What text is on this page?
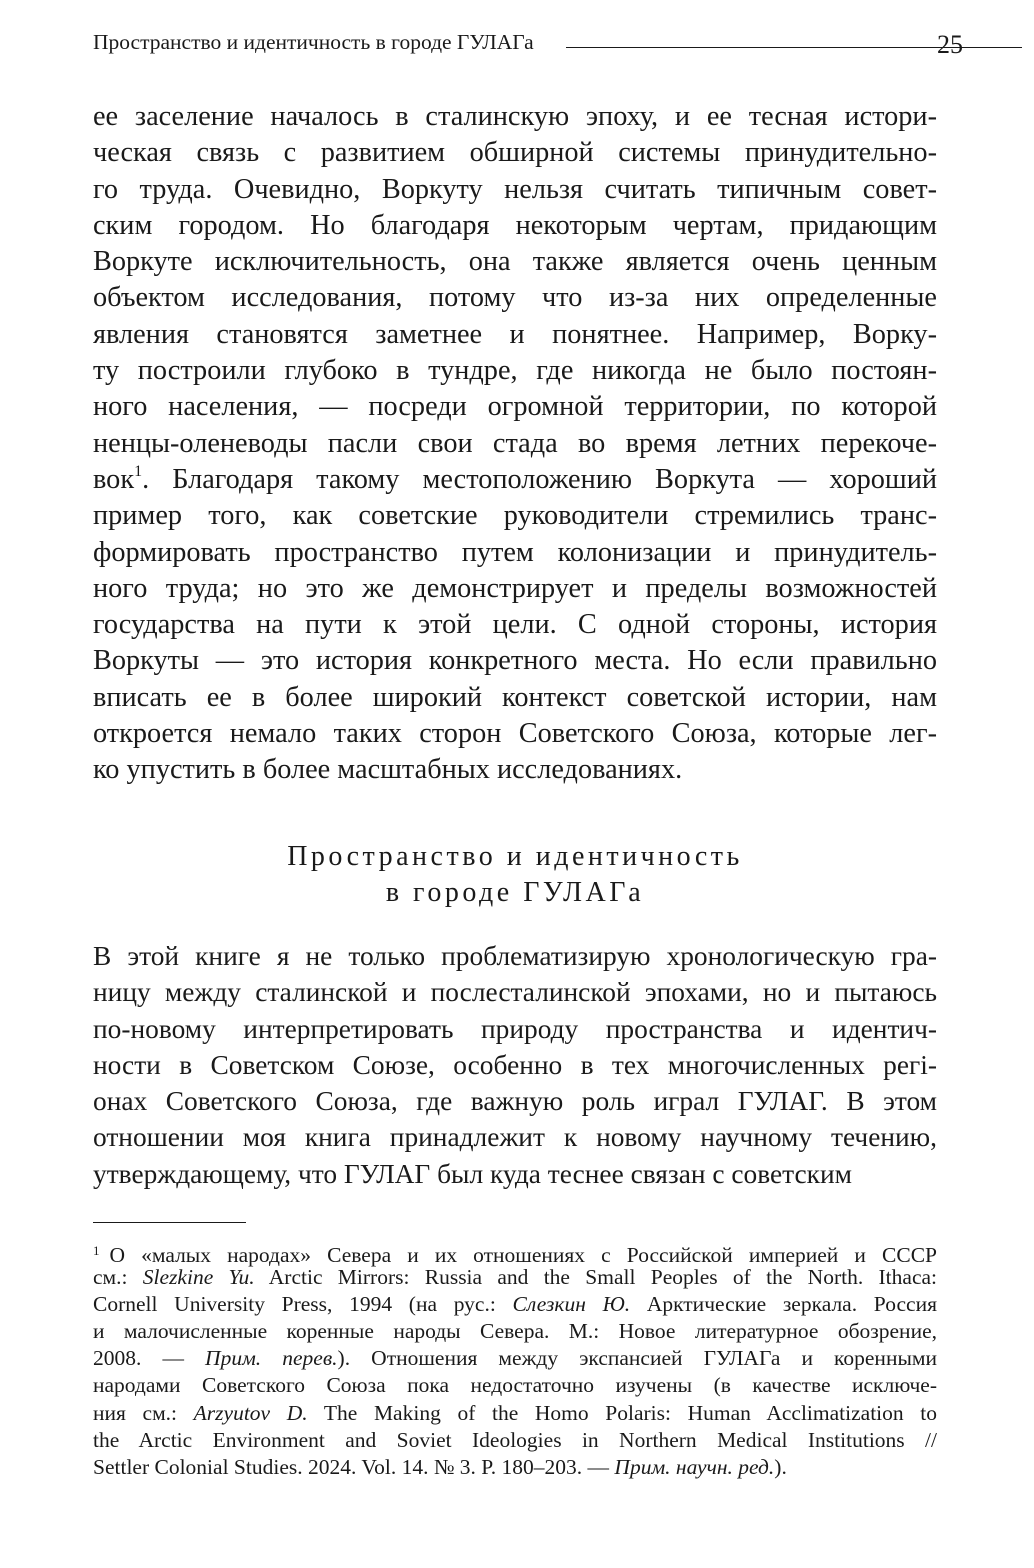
Пространство и идентичность в городе ГУЛАГа	25
ее заселение началось в сталинскую эпоху, и ее тесная истори-
ческая связь с развитием обширной системы принудительно-
го труда. Очевидно, Воркуту нельзя считать типичным совет-
ским городом. Но благодаря некоторым чертам, придающим
Воркуте исключительность, она также является очень ценным
объектом исследования, потому что из-за них определенные
явления становятся заметнее и понятнее. Например, Ворку-
ту построили глубоко в тундре, где никогда не было постоян-
ного населения, — посреди огромной территории, по которой
ненцы-оленеводы пасли свои стада во время летних перекоче-
вок$^1$. Благодаря такому местоположению Воркута — хороший
пример того, как советские руководители стремились транс-
формировать пространство путем колонизации и принудитель-
ного труда; но это же демонстрирует и пределы возможностей
государства на пути к этой цели. С одной стороны, история
Воркуты — это история конкретного места. Но если правильно
вписать ее в более широкий контекст советской истории, нам
откроется немало таких сторон Советского Союза, которые лег-
ко упустить в более масштабных исследованиях.
Пространство и идентичность
в городе ГУЛАГа
В этой книге я не только проблематизирую хронологическую гра-
ницу между сталинской и послесталинской эпохами, но и пытаюсь
по-новому интерпретировать природу пространства и идентич-
ности в Советском Союзе, особенно в тех многочисленных регі-
онах Советского Союза, где важную роль играл ГУЛАГ. В этом
отношении моя книга принадлежит к новому научному течению,
утверждающему, что ГУЛАГ был куда теснее связан с советским
$^1$ О «малых народах» Севера и их отношениях с Российской империей и СССР
см.: Slezkine Yu. Arctic Mirrors: Russia and the Small Peoples of the North. Ithaca:
Cornell University Press, 1994 (на рус.: Слезкин Ю. Арктические зеркала. Россия
и малочисленные коренные народы Севера. М.: Новое литературное обозрение,
2008. — Прим. перев.). Отношения между экспансией ГУЛАГа и коренными
народами Советского Союза пока недостаточно изучены (в качестве исключе-
ния см.: Arzyutov D. The Making of the Homo Polaris: Human Acclimatization to
the Arctic Environment and Soviet Ideologies in Northern Medical Institutions //
Settler Colonial Studies. 2024. Vol. 14. № 3. P. 180–203. — Прим. научн. ред.).
